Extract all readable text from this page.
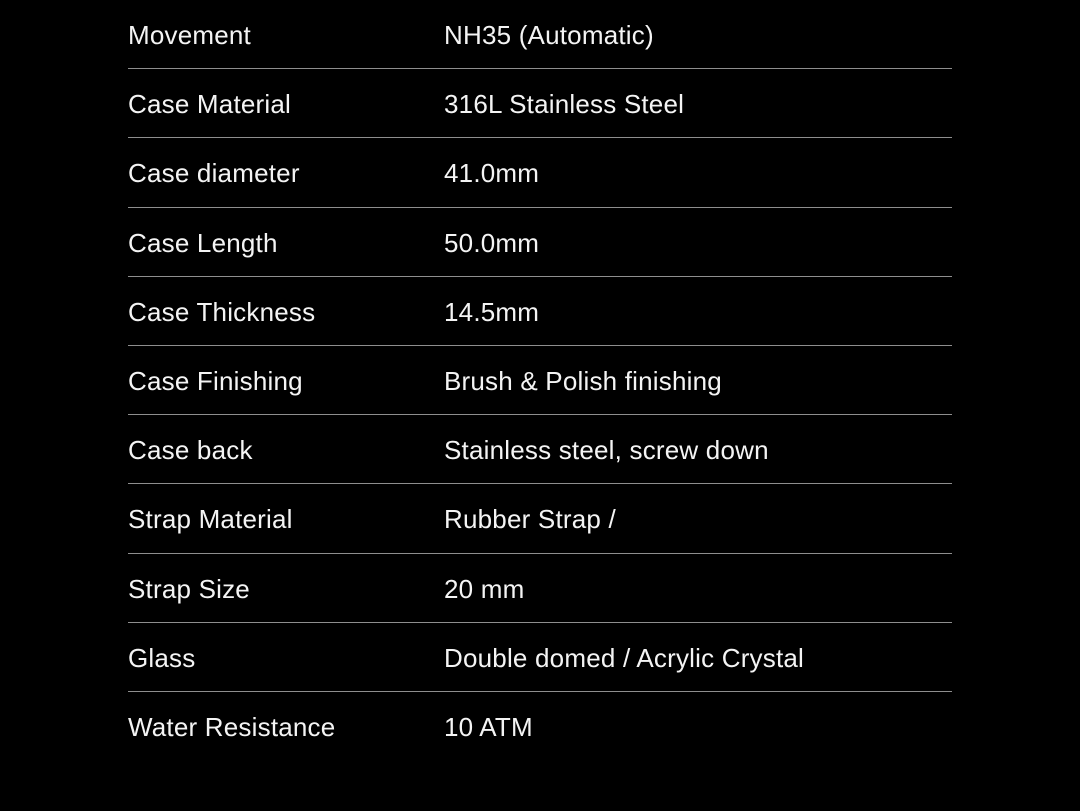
Movement	NH35 (Automatic)
Case Material	316L Stainless Steel
Case diameter	41.0mm
Case Length	50.0mm
Case Thickness	14.5mm
Case Finishing	Brush & Polish finishing
Case back	Stainless steel, screw down
Strap Material	Rubber Strap /
Strap Size	20 mm
Glass	Double domed / Acrylic Crystal
Water Resistance	10 ATM
